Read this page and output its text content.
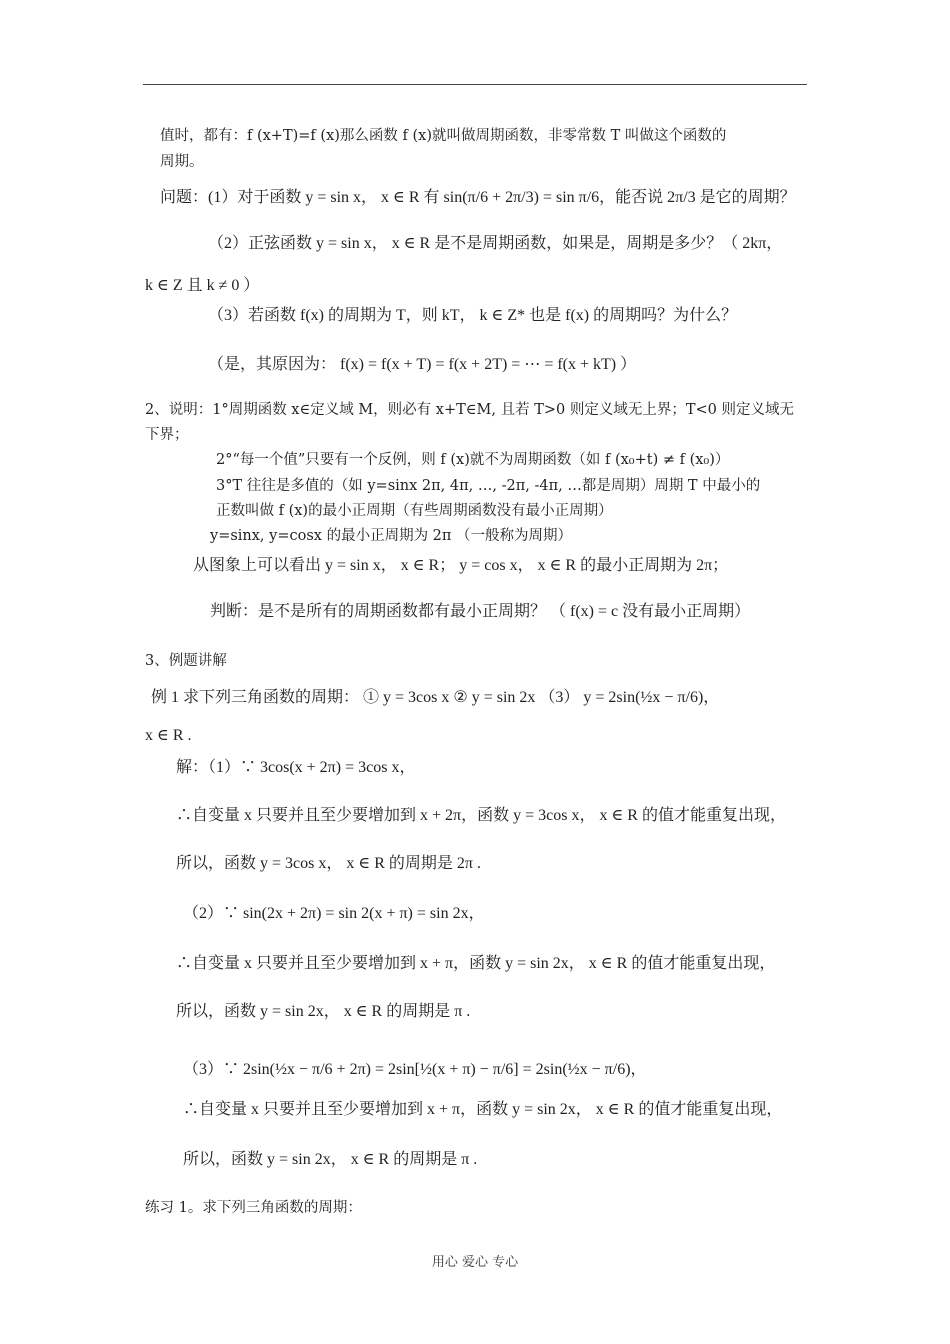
值时，都有：f (x+T)=f (x)那么函数 f (x)就叫做周期函数，非零常数 T 叫做这个函数的
周期。
问题：(1）对于函数 y = sin x， x ∈ R 有 sin(π/6 + 2π/3) = sin π/6，能否说 2π/3 是它的周期？
（2）正弦函数 y = sin x， x ∈ R 是不是周期函数，如果是，周期是多少？（ 2kπ，
k ∈ Z 且 k ≠ 0 ）
（3）若函数 f(x) 的周期为 T，则 kT， k ∈ Z* 也是 f(x) 的周期吗？为什么？
（是，其原因为： f(x) = f(x + T) = f(x + 2T) = ⋯ = f(x + kT) ）
2、说明：1°周期函数 x∈定义域 M，则必有 x+T∈M, 且若 T>0 则定义域无上界；T<0 则定义域无
下界；
2°“每一个值”只要有一个反例，则 f (x)就不为周期函数（如 f (x₀+t) ≠ f (x₀)）
3°T 往往是多值的（如 y=sinx 2π, 4π, …, -2π, -4π, …都是周期）周期 T 中最小的
正数叫做 f (x)的最小正周期（有些周期函数没有最小正周期）
y=sinx, y=cosx 的最小正周期为 2π （一般称为周期）
从图象上可以看出 y = sin x， x ∈ R； y = cos x， x ∈ R 的最小正周期为 2π；
判断：是不是所有的周期函数都有最小正周期？ （ f(x) = c 没有最小正周期）
3、例题讲解
例 1 求下列三角函数的周期： ① y = 3cos x ② y = sin 2x （3） y = 2sin(½x − π/6)，
x ∈ R .
解：（1）∵ 3cos(x + 2π) = 3cos x，
∴自变量 x 只要并且至少要增加到 x + 2π，函数 y = 3cos x， x ∈ R 的值才能重复出现，
所以，函数 y = 3cos x， x ∈ R 的周期是 2π .
（2）∵ sin(2x + 2π) = sin 2(x + π) = sin 2x，
∴自变量 x 只要并且至少要增加到 x + π，函数 y = sin 2x， x ∈ R 的值才能重复出现，
所以，函数 y = sin 2x， x ∈ R 的周期是 π .
（3）∵ 2sin(½x − π/6 + 2π) = 2sin[½(x + π) − π/6] = 2sin(½x − π/6)，
∴自变量 x 只要并且至少要增加到 x + π，函数 y = sin 2x， x ∈ R 的值才能重复出现，
所以，函数 y = sin 2x， x ∈ R 的周期是 π .
练习 1。求下列三角函数的周期：
用心 爱心 专心
